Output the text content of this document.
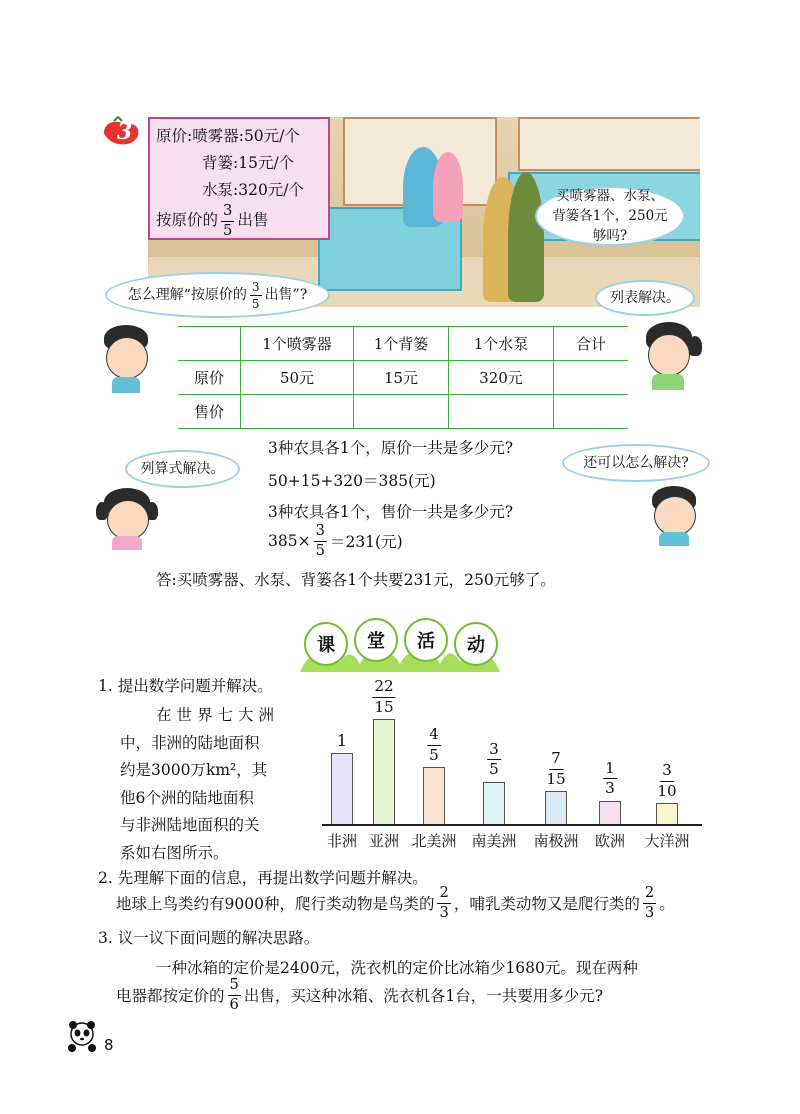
3 原价:喷雾器:50元/个
背篓:15元/个
水泵:320元/个
按原价的 $\frac{3}{5}$ 出售
买喷雾器、水泵、背篓各1个，250元够吗?
怎么理解“按原价的 $\frac{3}{5}$ 出售”?	列表解决。
	1个喷雾器	1个背篓	1个水泵	合计
原价	50元	15元	320元	
售价				
列算式解决。	还可以怎么解决?
3种农具各1个，原价一共是多少元?
50+15+320＝385(元)
3种农具各1个，售价一共是多少元?
$385\times \frac{3}{5} =231$(元)
答:买喷雾器、水泵、背篓各1个共要231元，250元够了。
课	堂	活	动
1. 提出数学问题并解决。
在世界七大洲
中，非洲的陆地面积
约是3000万km²，其
他6个洲的陆地面积
与非洲陆地面积的关
系如右图所示。
1
$\frac{22}{15}$
$\frac{4}{5}$	$\frac{3}{5}$	$\frac{7}{15} \frac{1}{3}$	$\frac{3}{10}$
非洲 亚洲 北美洲 南美洲 南极洲 欧洲 大洋洲
2. 先理解下面的信息，再提出数学问题并解决。
地球上鸟类约有9000种，爬行类动物是鸟类的 $\frac{2}{3}$ ，哺乳类动物又是爬行类的 $\frac{2}{3}$ 。
3. 议一议下面问题的解决思路。
一种冰箱的定价是2400元，洗衣机的定价比冰箱少1680元。现在两种
电器都按定价的 $\frac{5}{6}$ 出售，买这种冰箱、洗衣机各1台，一共要用多少元?
8
